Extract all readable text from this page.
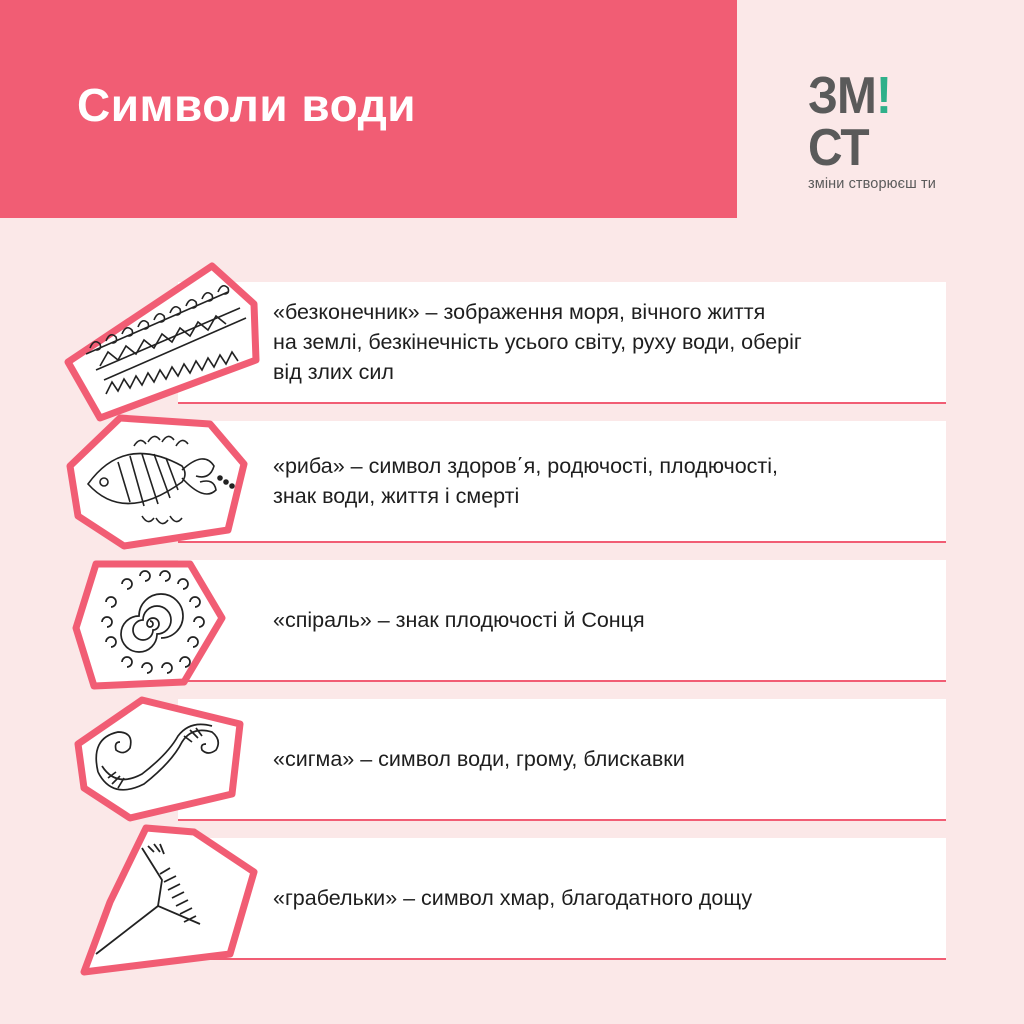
Символи води	ЗМ!СТ
зміни створюєш ти
«безконечник» – зображення моря, вічного життя
на землі, безкінечність усього світу, руху води, оберіг
від злих сил
«риба» – символ здоров΄я, родючості, плодючості,
знак води, життя і смерті
«спіраль» – знак плодючості й Сонця
«сигма» – символ води, грому, блискавки
«грабельки» – символ хмар, благодатного дощу
